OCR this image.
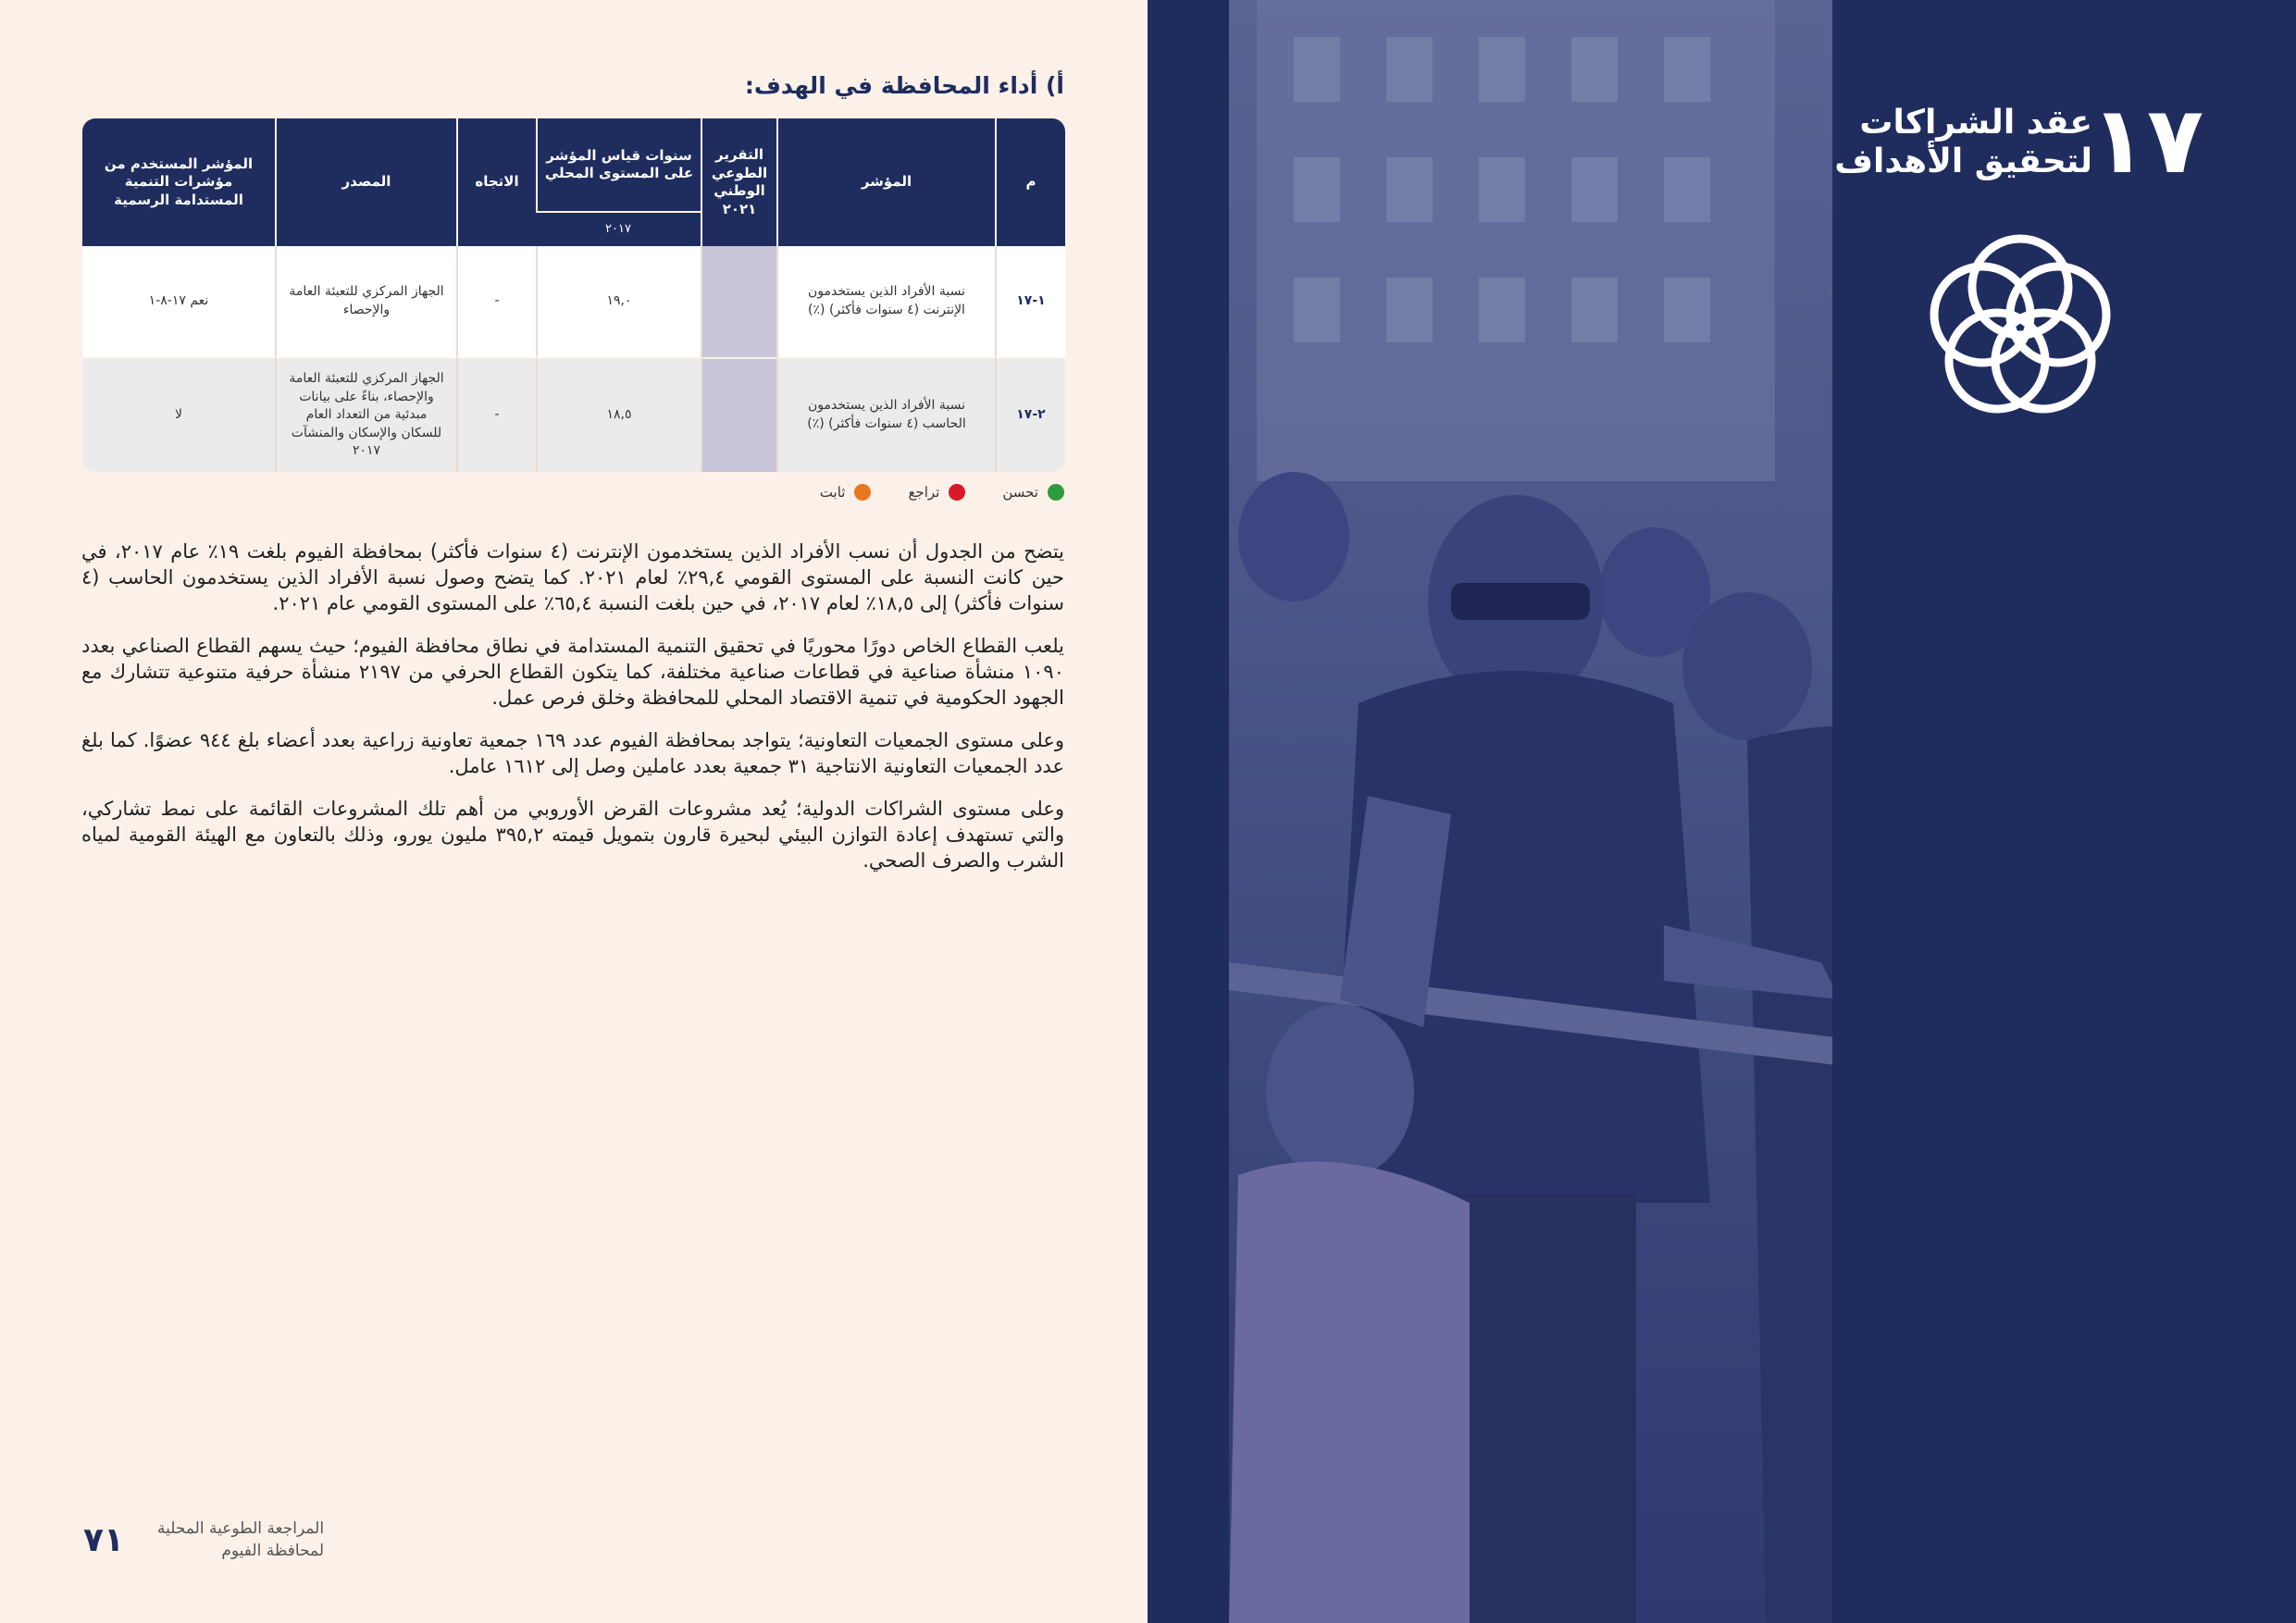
أ) أداء المحافظة في الهدف:
م	المؤشر	التقرير الطوعي الوطني ٢٠٢١	سنوات قياس المؤشر على المستوى المحلي	الاتجاه	المصدر	المؤشر المستخدم من مؤشرات التنمية المستدامة الرسمية
			٢٠١٧			
١-١٧	نسبة الأفراد الذين يستخدمون الإنترنت (٤ سنوات فأكثر) (٪)		١٩,٠	-	الجهاز المركزي للتعبئة العامة والإحصاء	نعم ١٧-٨-١
٢-١٧	نسبة الأفراد الذين يستخدمون الحاسب (٤ سنوات فأكثر) (٪)		١٨,٥	-	الجهاز المركزي للتعبئة العامة والإحصاء، بناءً على بيانات مبدئية من التعداد العام للسكان والإسكان والمنشآت ٢٠١٧	لا
تحسن
تراجع
ثابت

يتضح من الجدول أن نسب الأفراد الذين يستخدمون الإنترنت (٤ سنوات فأكثر) بمحافظة الفيوم بلغت ١٩٪ عام ٢٠١٧، في حين كانت النسبة على المستوى القومي ٢٩,٤٪ لعام ٢٠٢١. كما يتضح وصول نسبة الأفراد الذين يستخدمون الحاسب (٤ سنوات فأكثر) إلى ١٨,٥٪ لعام ٢٠١٧، في حين بلغت النسبة ٦٥,٤٪ على المستوى القومي عام ٢٠٢١.

يلعب القطاع الخاص دورًا محوريًا في تحقيق التنمية المستدامة في نطاق محافظة الفيوم؛ حيث يسهم القطاع الصناعي بعدد ١٠٩٠ منشأة صناعية في قطاعات صناعية مختلفة، كما يتكون القطاع الحرفي من ٢١٩٧ منشأة حرفية متنوعية تتشارك مع الجهود الحكومية في تنمية الاقتصاد المحلي للمحافظة وخلق فرص عمل.

وعلى مستوى الجمعيات التعاونية؛ يتواجد بمحافظة الفيوم عدد ١٦٩ جمعية تعاونية زراعية بعدد أعضاء بلغ ٩٤٤ عضوًا. كما بلغ عدد الجمعيات التعاونية الانتاجية ٣١ جمعية بعدد عاملين وصل إلى ١٦١٢ عامل.

وعلى مستوى الشراكات الدولية؛ يُعد مشروعات القرض الأوروبي من أهم تلك المشروعات القائمة على نمط تشاركي، والتي تستهدف إعادة التوازن البيئي لبحيرة قارون بتمويل قيمته ٣٩٥,٢ مليون يورو، وذلك بالتعاون مع الهيئة القومية لمياه الشرب والصرف الصحي.

٧١ المراجعة الطوعية المحلية
لمحافظة الفيوم
١٧
عقد الشراكات
لتحقيق الأهداف
